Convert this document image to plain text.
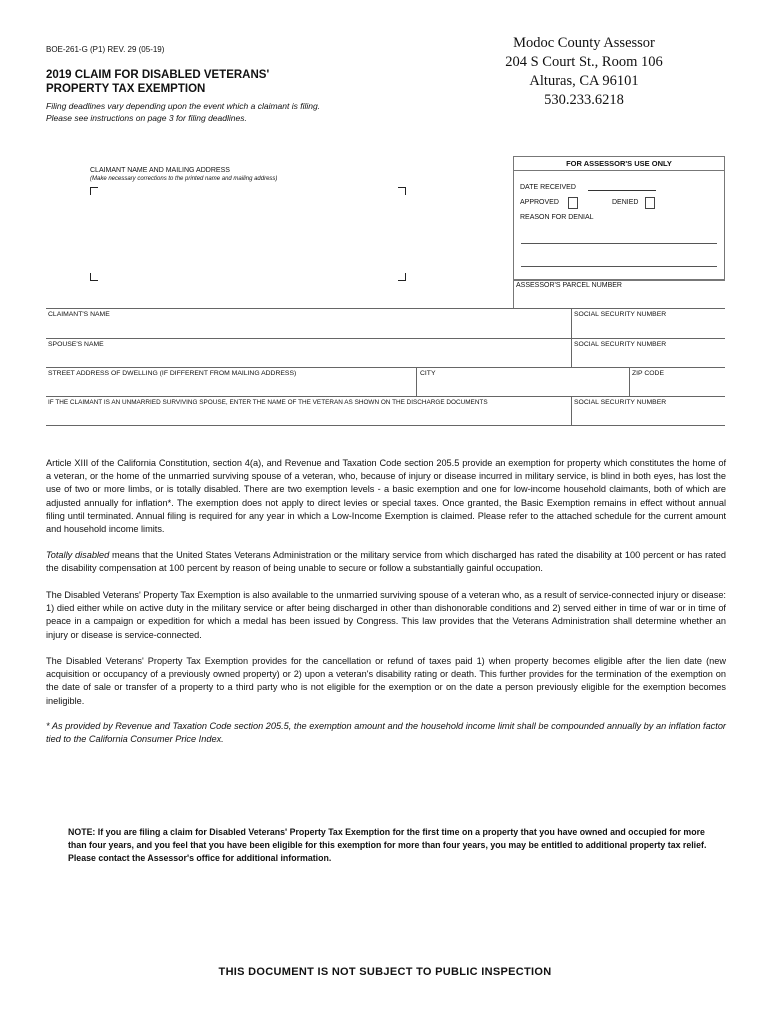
BOE-261-G (P1) REV. 29 (05-19)
2019 CLAIM FOR DISABLED VETERANS'
PROPERTY TAX EXEMPTION
Filing deadlines vary depending upon the event which a claimant is filing.
Please see instructions on page 3 for filing deadlines.
Modoc County Assessor
204 S Court St., Room 106
Alturas, CA 96101
530.233.6218
CLAIMANT NAME AND MAILING ADDRESS
(Make necessary corrections to the printed name and mailing address)
FOR ASSESSOR'S USE ONLY
DATE RECEIVED
APPROVED	DENIED
REASON FOR DENIAL
ASSESSOR'S PARCEL NUMBER
CLAIMANT'S NAME	SOCIAL SECURITY NUMBER
SPOUSE'S NAME	SOCIAL SECURITY NUMBER
STREET ADDRESS OF DWELLING (IF DIFFERENT FROM MAILING ADDRESS)	CITY	ZIP CODE
IF THE CLAIMANT IS AN UNMARRIED SURVIVING SPOUSE, ENTER THE NAME OF THE VETERAN AS SHOWN ON THE DISCHARGE DOCUMENTS	SOCIAL SECURITY NUMBER
Article XIII of the California Constitution, section 4(a), and Revenue and Taxation Code section 205.5 provide an exemption for property which constitutes the home of a veteran, or the home of the unmarried surviving spouse of a veteran, who, because of injury or disease incurred in military service, is blind in both eyes, has lost the use of two or more limbs, or is totally disabled. There are two exemption levels - a basic exemption and one for low-income household claimants, both of which are adjusted annually for inflation*. The exemption does not apply to direct levies or special taxes. Once granted, the Basic Exemption remains in effect without annual filing until terminated. Annual filing is required for any year in which a Low-Income Exemption is claimed. Please refer to the attached schedule for the current amount and household income limits.
Totally disabled means that the United States Veterans Administration or the military service from which discharged has rated the disability at 100 percent or has rated the disability compensation at 100 percent by reason of being unable to secure or follow a substantially gainful occupation.
The Disabled Veterans' Property Tax Exemption is also available to the unmarried surviving spouse of a veteran who, as a result of service-connected injury or disease: 1) died either while on active duty in the military service or after being discharged in other than dishonorable conditions and 2) served either in time of war or in time of peace in a campaign or expedition for which a medal has been issued by Congress. This law provides that the Veterans Administration shall determine whether an injury or disease is service-connected.
The Disabled Veterans' Property Tax Exemption provides for the cancellation or refund of taxes paid 1) when property becomes eligible after the lien date (new acquisition or occupancy of a previously owned property) or 2) upon a veteran's disability rating or death. This further provides for the termination of the exemption on the date of sale or transfer of a property to a third party who is not eligible for the exemption or on the date a person previously eligible for the exemption becomes ineligible.
* As provided by Revenue and Taxation Code section 205.5, the exemption amount and the household income limit shall be compounded annually by an inflation factor tied to the California Consumer Price Index.
NOTE: If you are filing a claim for Disabled Veterans' Property Tax Exemption for the first time on a property that you have owned and occupied for more than four years, and you feel that you have been eligible for this exemption for more than four years, you may be entitled to additional property tax relief. Please contact the Assessor's office for additional information.
THIS DOCUMENT IS NOT SUBJECT TO PUBLIC INSPECTION
